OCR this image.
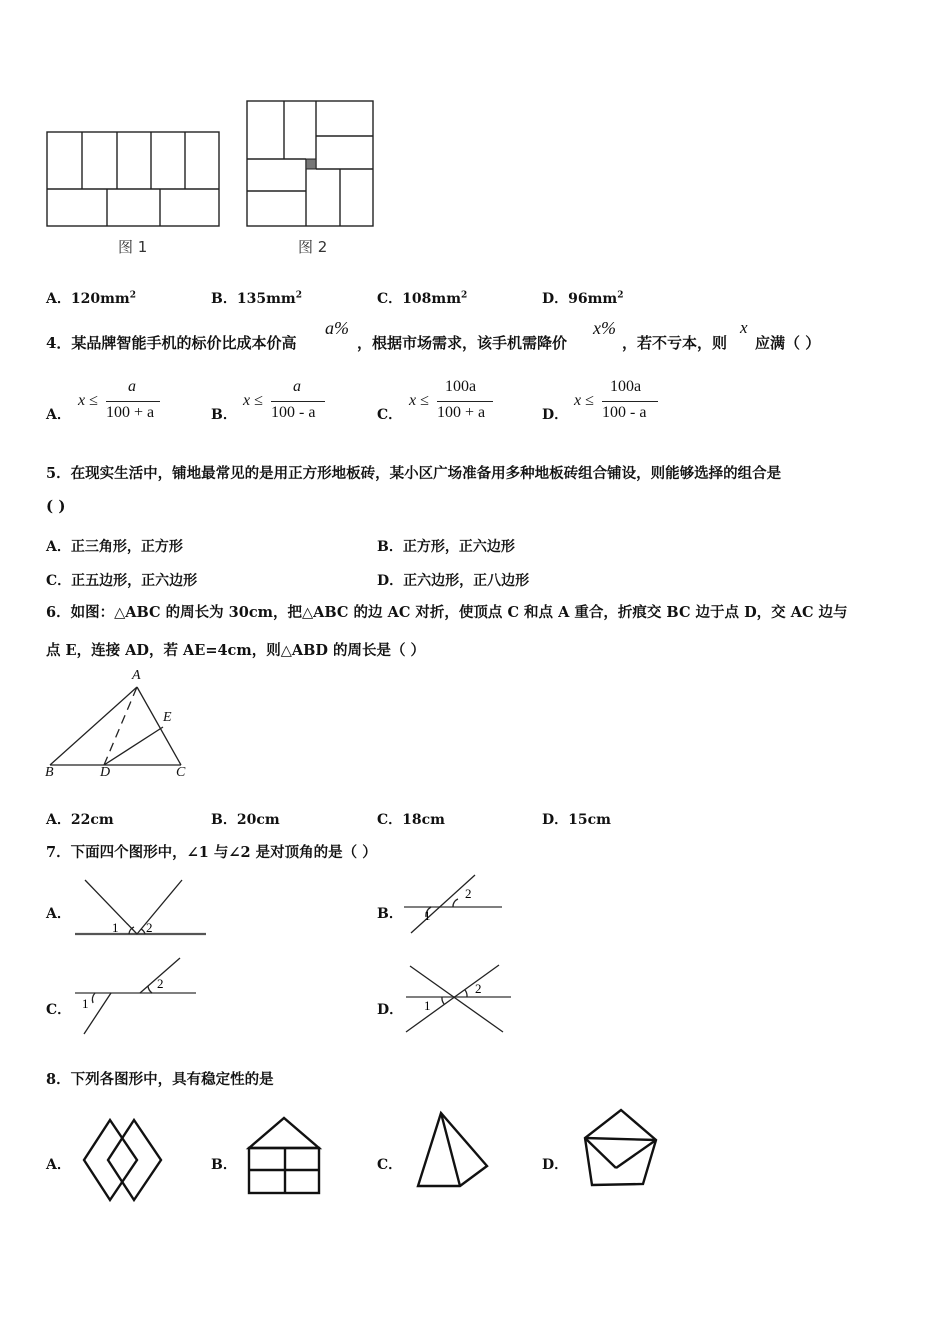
图 1	图 2
A．$120mm^2$	B．$135mm^2$	C．$108mm^2$	D．$96mm^2$
4．某品牌智能手机的标价比成本价高
a%
，根据市场需求，该手机需降价
x%
，若不亏本，则
x
应满（ ）
A．
x ≤
a
100 + a	B．
x ≤
a
100 - a	C．
x ≤
100a
100 + a	D．
x ≤
100a
100 - a
5．在现实生活中，铺地最常见的是用正方形地板砖，某小区广场准备用多种地板砖组合铺设，则能够选择的组合是
( )
A．正三角形，正方形	B．正方形，正六边形
C．正五边形，正六边形	D．正六边形，正八边形
6．如图：△ABC 的周长为 30cm，把△ABC 的边 AC 对折，使顶点 C 和点 A 重合，折痕交 BC 边于点 D，交 AC 边与
点 E，连接 AD，若 AE=4cm，则△ABD 的周长是（ ）
A
E
B	D	C
A．22cm	B．20cm	C．18cm	D．15cm
7．下面四个图形中，∠1 与∠2 是对顶角的是（ ）
A．
1 2
B． 1
2
C． 1
2
D． 1
2
8．下列各图形中，具有稳定性的是
A．	B．	C．	D．
